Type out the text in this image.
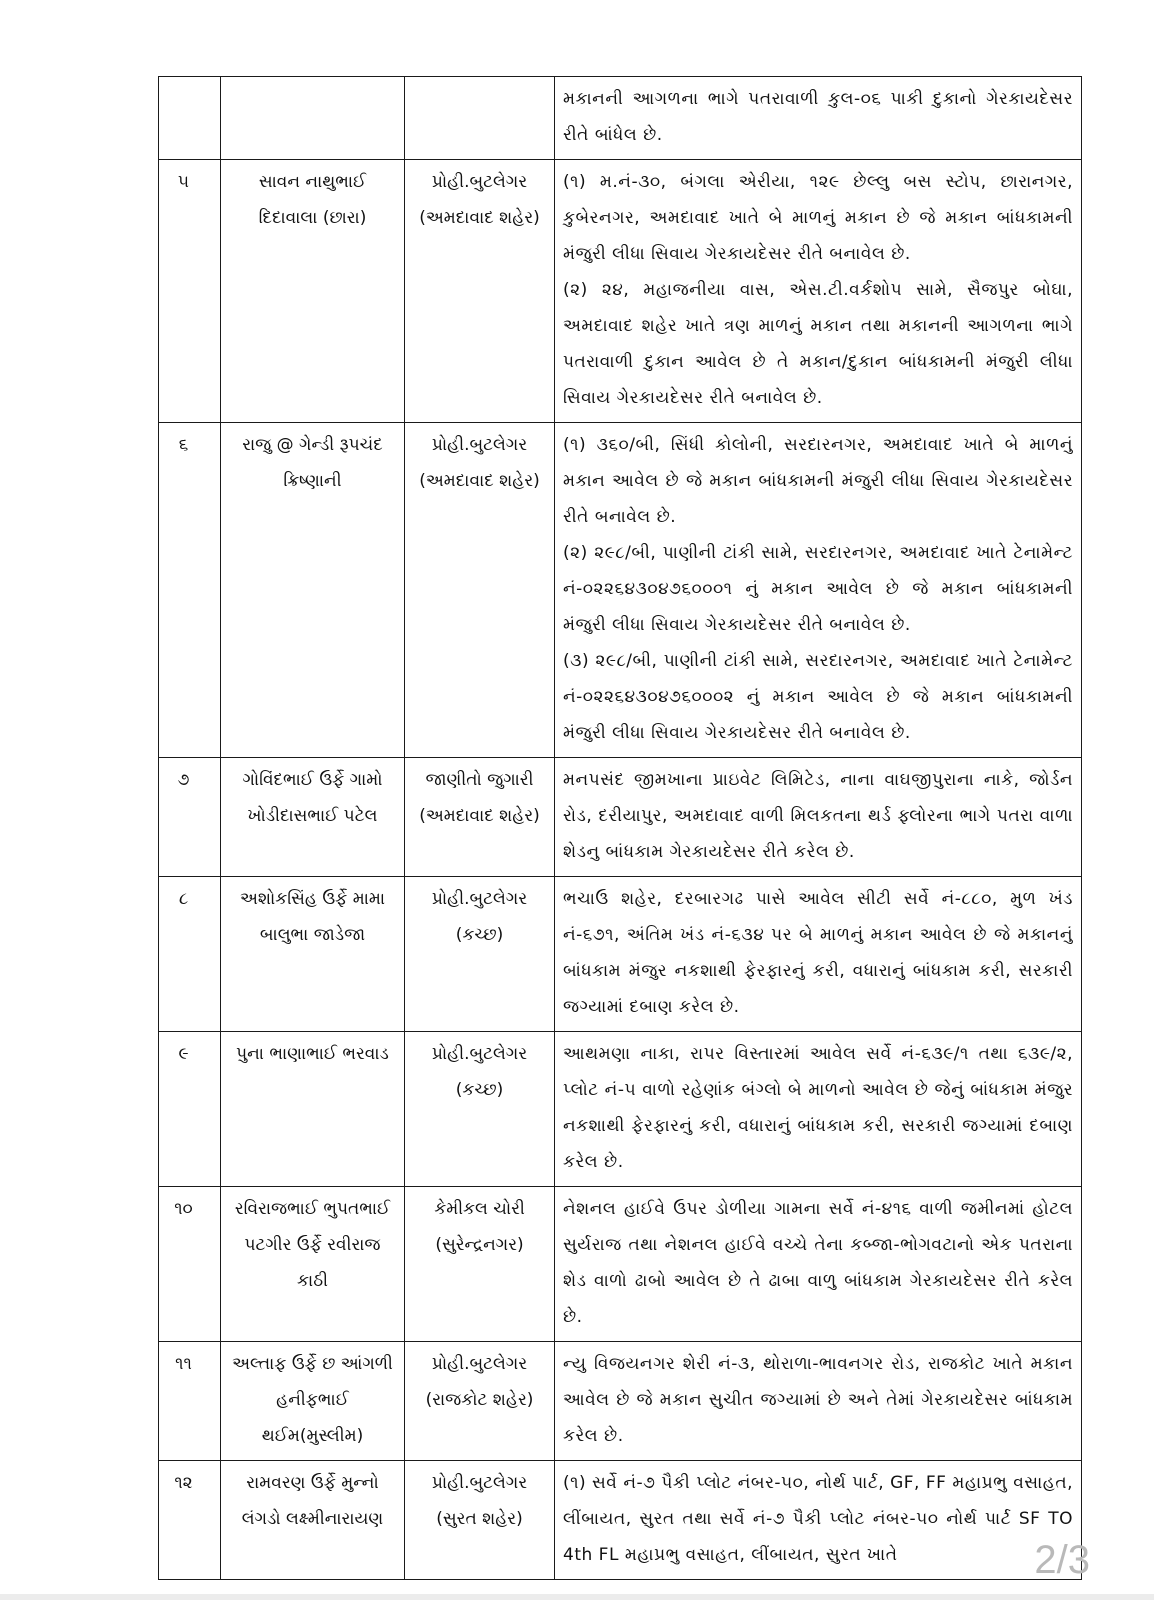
			મકાનની આગળના ભાગે પતરાવાળી કુલ-૦૬ પાકી દુકાનો ગેરકાયદેસર રીતે બાંધેલ છે.

૫	સાવન નાથુભાઈ દિદાવાલા (છારા)	પ્રોહી.બુટલેગર (અમદાવાદ શહેર)	(૧) મ.નં-૩૦, બંગલા એરીયા, ૧૨૯ છેલ્લુ બસ સ્ટોપ, છારાનગર, કુબેરનગર, અમદાવાદ ખાતે બે માળનું મકાન છે જે મકાન બાંધકામની મંજુરી લીધા સિવાય ગેરકાયદેસર રીતે બનાવેલ છે.
(૨) ૨૪, મહાજનીયા વાસ, એસ.ટી.વર્કશોપ સામે, સૈજપુર બોઘા, અમદાવાદ શહેર ખાતે ત્રણ માળનું મકાન તથા મકાનની આગળના ભાગે પતરાવાળી દુકાન આવેલ છે તે મકાન/દુકાન બાંધકામની મંજુરી લીધા સિવાય ગેરકાયદેસર રીતે બનાવેલ છે.

૬	રાજુ @ ગેન્ડી રૂપચંદ ક્રિષ્ણાની	પ્રોહી.બુટલેગર (અમદાવાદ શહેર)	(૧) ૩૬૦/બી, સિંધી કોલોની, સરદારનગર, અમદાવાદ ખાતે બે માળનું મકાન આવેલ છે જે મકાન બાંધકામની મંજુરી લીધા સિવાય ગેરકાયદેસર રીતે બનાવેલ છે.
(૨) ૨૯૮/બી, પાણીની ટાંકી સામે, સરદારનગર, અમદાવાદ ખાતે ટેનામેન્ટ નં-૦૨૨૬૪૩૦૪૭૬૦૦૦૧ નું મકાન આવેલ છે જે મકાન બાંધકામની મંજુરી લીધા સિવાય ગેરકાયદેસર રીતે બનાવેલ છે.
(૩) ૨૯૮/બી, પાણીની ટાંકી સામે, સરદારનગર, અમદાવાદ ખાતે ટેનામેન્ટ નં-૦૨૨૬૪૩૦૪૭૬૦૦૦૨ નું મકાન આવેલ છે જે મકાન બાંધકામની મંજુરી લીધા સિવાય ગેરકાયદેસર રીતે બનાવેલ છે.

૭	ગોવિંદભાઈ ઉર્ફે ગામો ખોડીદાસભાઈ પટેલ	જાણીતો જુગારી (અમદાવાદ શહેર)	મનપસંદ જીમખાના પ્રાઇવેટ લિમિટેડ, નાના વાઘજીપુરાના નાકે, જોર્ડન રોડ, દરીયાપુર, અમદાવાદ વાળી મિલકતના થર્ડ ફ્લોરના ભાગે પતરા વાળા શેડનુ બાંધકામ ગેરકાયદેસર રીતે કરેલ છે.

૮	અશોકસિંહ ઉર્ફે મામા બાલુભા જાડેજા	પ્રોહી.બુટલેગર (કચ્છ)	ભચાઉ શહેર, દરબારગઢ પાસે આવેલ સીટી સર્વે નં-૮૮૦, મુળ ખંડ નં-૬૭૧, અંતિમ ખંડ નં-૬૩૪ પર બે માળનું મકાન આવેલ છે જે મકાનનું બાંધકામ મંજુર નકશાથી ફેરફારનું કરી, વધારાનું બાંધકામ કરી, સરકારી જગ્યામાં દબાણ કરેલ છે.

૯	પુના ભાણાભાઈ ભરવાડ	પ્રોહી.બુટલેગર (કચ્છ)	આથમણા નાકા, રાપર વિસ્તારમાં આવેલ સર્વે નં-૬૩૯/૧ તથા ૬૩૯/૨, પ્લોટ નં-૫ વાળો રહેણાંક બંગ્લો બે માળનો આવેલ છે જેનું બાંધકામ મંજુર નકશાથી ફેરફારનું કરી, વધારાનું બાંધકામ કરી, સરકારી જગ્યામાં દબાણ કરેલ છે.

૧૦	રવિરાજભાઈ ભુપતભાઈ પટગીર ઉર્ફે રવીરાજ કાઠી	કેમીકલ ચોરી (સુરેન્દ્રનગર)	નેશનલ હાઈવે ઉપર ડોળીયા ગામના સર્વે નં-૪૧૬ વાળી જમીનમાં હોટલ સુર્યરાજ તથા નેશનલ હાઈવે વચ્ચે તેના કબ્જા-ભોગવટાનો એક પતરાના શેડ વાળો ઢાબો આવેલ છે તે ઢાબા વાળુ બાંધકામ ગેરકાયદેસર રીતે કરેલ છે.

૧૧	અલ્તાફ ઉર્ફે છ આંગળી હનીફભાઈ થઈમ(મુસ્લીમ)	પ્રોહી.બુટલેગર (રાજકોટ શહેર)	ન્યુ વિજયનગર શેરી નં-૩, થોરાળા-ભાવનગર રોડ, રાજકોટ ખાતે મકાન આવેલ છે જે મકાન સુચીત જગ્યામાં છે અને તેમાં ગેરકાયદેસર બાંધકામ કરેલ છે.

૧૨	રામવરણ ઉર્ફે મુન્નો લંગડો લક્ષ્મીનારાયણ	પ્રોહી.બુટલેગર (સુરત શહેર)	(૧) સર્વે નં-૭ પૈકી પ્લોટ નંબર-૫૦, નોર્થ પાર્ટ, GF, FF મહાપ્રભુ વસાહત, લીંબાયત, સુરત તથા સર્વે નં-૭ પૈકી પ્લોટ નંબર-૫૦ નોર્થ પાર્ટ SF TO 4th FL મહાપ્રભુ વસાહત, લીંબાયત, સુરત ખાતે	2/3
